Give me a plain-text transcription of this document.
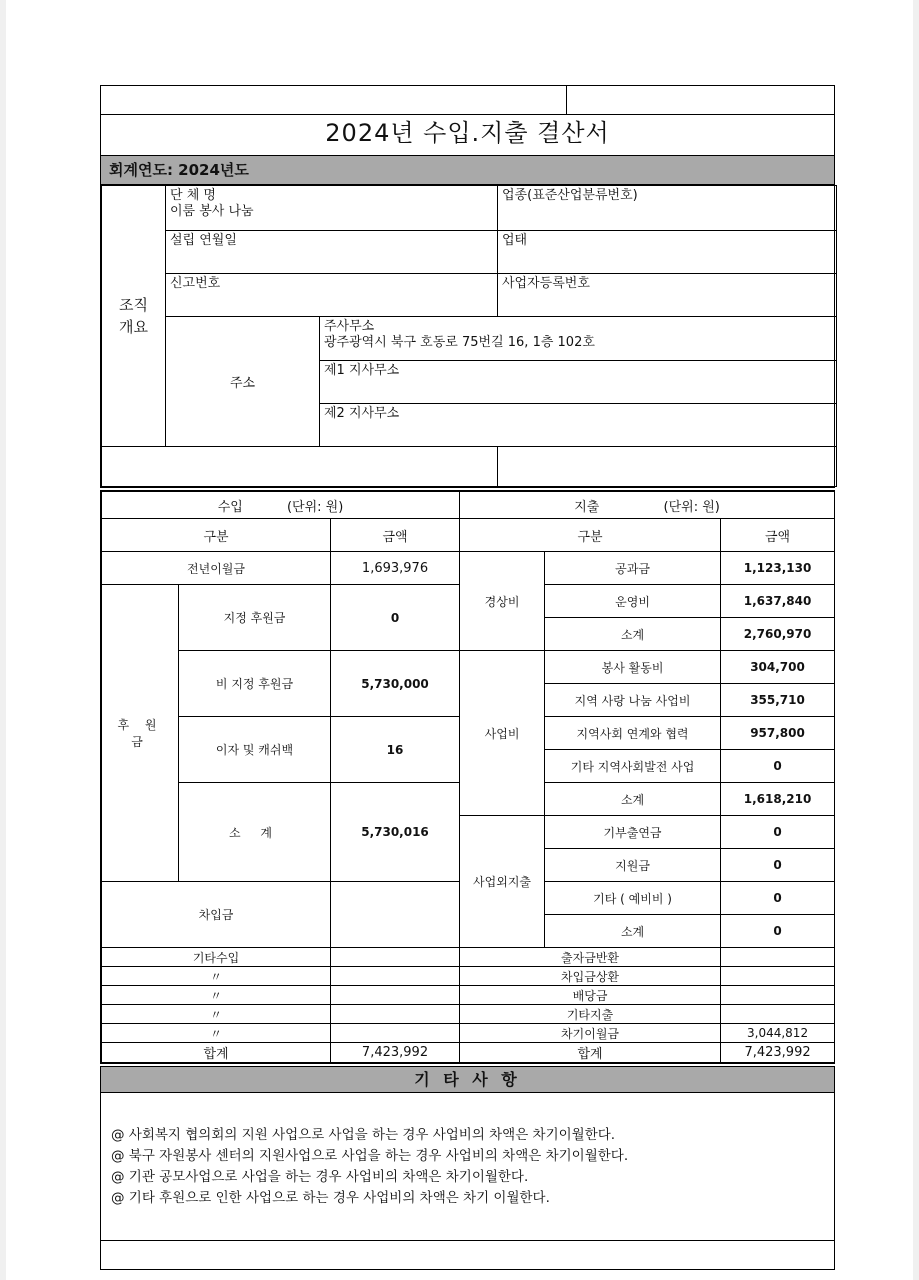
2024년 수입.지출 결산서
회계연도: 2024년도
조직
개요	단 체 명
이룸 봉사 나눔		업종(표준산업분류번호)
	설립 연월일		업태
	신고번호		사업자등록번호
	주소	주사무소
광주광역시 북구 호동로 75번길 16, 1층 102호	
		제1 지사무소	
		제2 지사무소	

수입 (단위: 원)			지출 (단위: 원)		
구분		금액	구분		금액
전년이월금		1,693,976	경상비	공과금	1,123,130
후 원 금	지정 후원금	0		운영비	1,637,840
				소계	2,760,970
	비 지정 후원금	5,730,000	사업비	봉사 활동비	304,700
				지역 사랑 나눔 사업비	355,710
	이자 및 캐쉬백	16		지역사회 연계와 협력	957,800
				기타 지역사회발전 사업	0
	소 계	5,730,016		소계	1,618,210
			사업외지출	기부출연금	0
				지원금	0
차입금				기타 ( 예비비 )	0
				소계	0
기타수입			출자금반환		
〃			차입금상환		
〃			배당금		
〃			기타지출		
〃			차기이월금		3,044,812
합계		7,423,992	합계		7,423,992
기 타 사 항
@ 사회복지 협의회의 지원 사업으로 사업을 하는 경우 사업비의 차액은 차기이월한다.
@ 북구 자원봉사 센터의 지원사업으로 사업을 하는 경우 사업비의 차액은 차기이월한다.
@ 기관 공모사업으로 사업을 하는 경우 사업비의 차액은 차기이월한다.
@ 기타 후원으로 인한 사업으로 하는 경우 사업비의 차액은 차기 이월한다.
